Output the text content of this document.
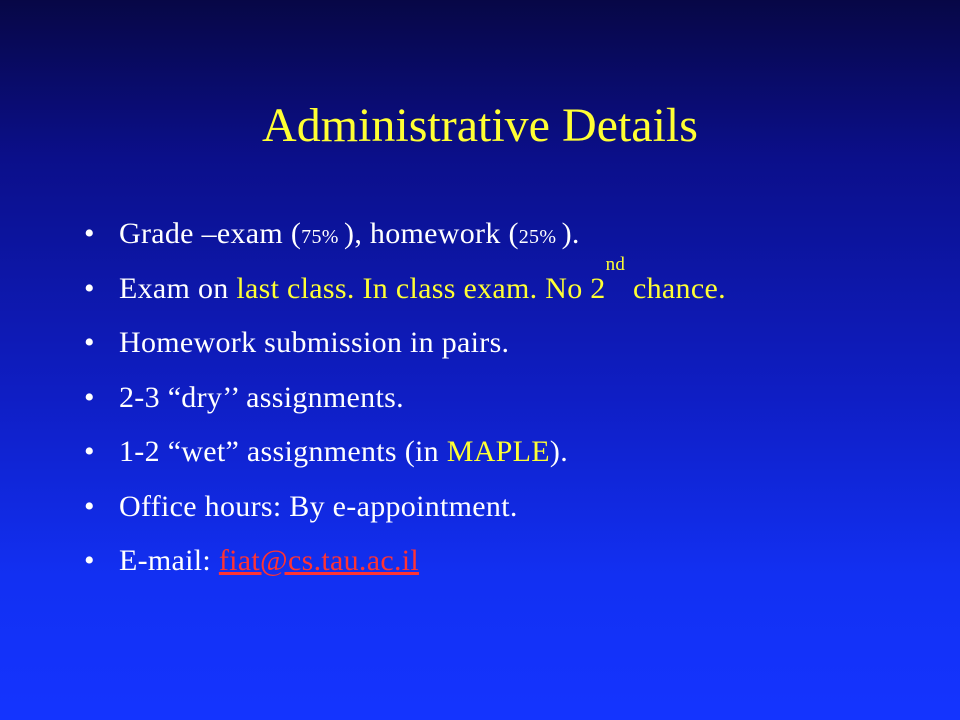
Administrative Details
• Grade –exam (75% ), homework (25% ).
• Exam on last class. In class exam. No 2nd chance.
• Homework submission in pairs.
• 2-3 “dry’’ assignments.
• 1-2 “wet” assignments (in MAPLE).
• Office hours: By e-appointment.
• E-mail: fiat@cs.tau.ac.il
